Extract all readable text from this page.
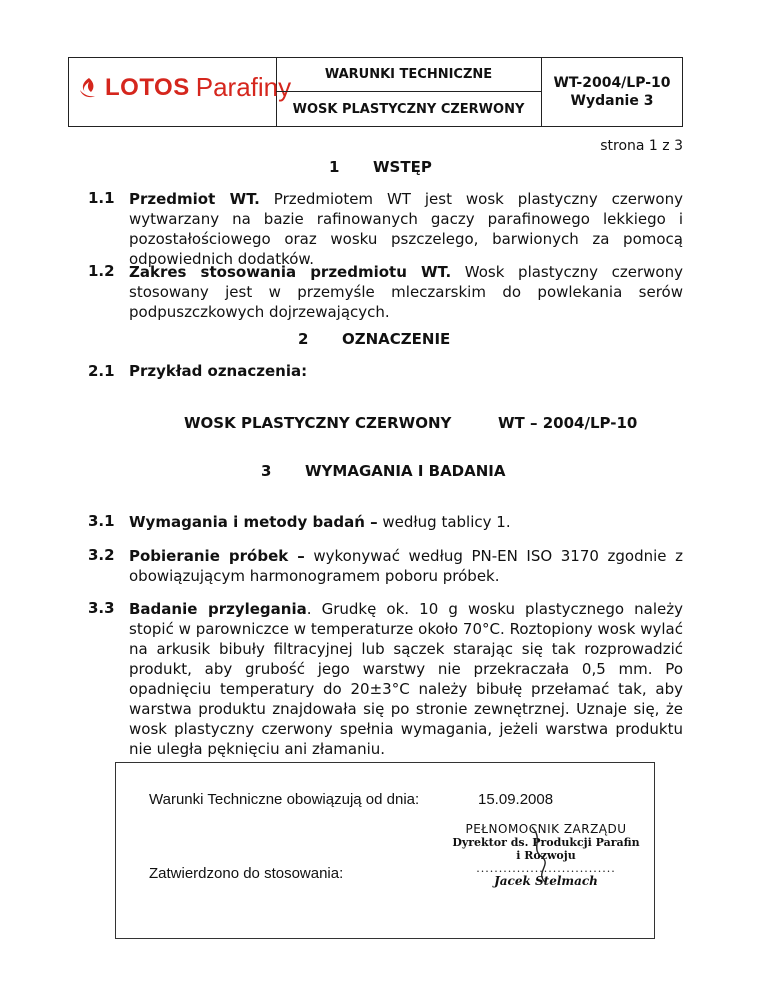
LOTOS Parafiny	WARUNKI TECHNICZNE
WOSK PLASTYCZNY CZERWONY
WT-2004/LP-10
Wydanie 3
strona 1 z 3
1 WSTĘP
1.1 Przedmiot WT. Przedmiotem WT jest wosk plastyczny czerwony wytwarzany na bazie rafinowanych gaczy parafinowego lekkiego i pozostałościowego oraz wosku pszczelego, barwionych za pomocą odpowiednich dodatków.
1.2 Zakres stosowania przedmiotu WT. Wosk plastyczny czerwony stosowany jest w przemyśle mleczarskim do powlekania serów podpuszczkowych dojrzewających.
2 OZNACZENIE
2.1 Przykład oznaczenia:
WOSK PLASTYCZNY CZERWONY	WT – 2004/LP-10
3 WYMAGANIA I BADANIA
3.1 Wymagania i metody badań – według tablicy 1.
3.2 Pobieranie próbek – wykonywać według PN-EN ISO 3170 zgodnie z obowiązującym harmonogramem poboru próbek.
3.3 Badanie przylegania. Grudkę ok. 10 g wosku plastycznego należy stopić w parowniczce w temperaturze około 70°C. Roztopiony wosk wylać na arkusik bibuły filtracyjnej lub sączek starając się tak rozprowadzić produkt, aby grubość jego warstwy nie przekraczała 0,5 mm. Po opadnięciu temperatury do 20±3°C należy bibułę przełamać tak, aby warstwa produktu znajdowała się po stronie zewnętrznej. Uznaje się, że wosk plastyczny czerwony spełnia wymagania, jeżeli warstwa produktu nie uległa pęknięciu ani złamaniu.
Warunki Techniczne obowiązują od dnia:	15.09.2008
Zatwierdzono do stosowania:
PEŁNOMOCNIK ZARZĄDU
Dyrektor ds. Produkcji Parafin
i Rozwoju
...............................
Jacek Stelmach
